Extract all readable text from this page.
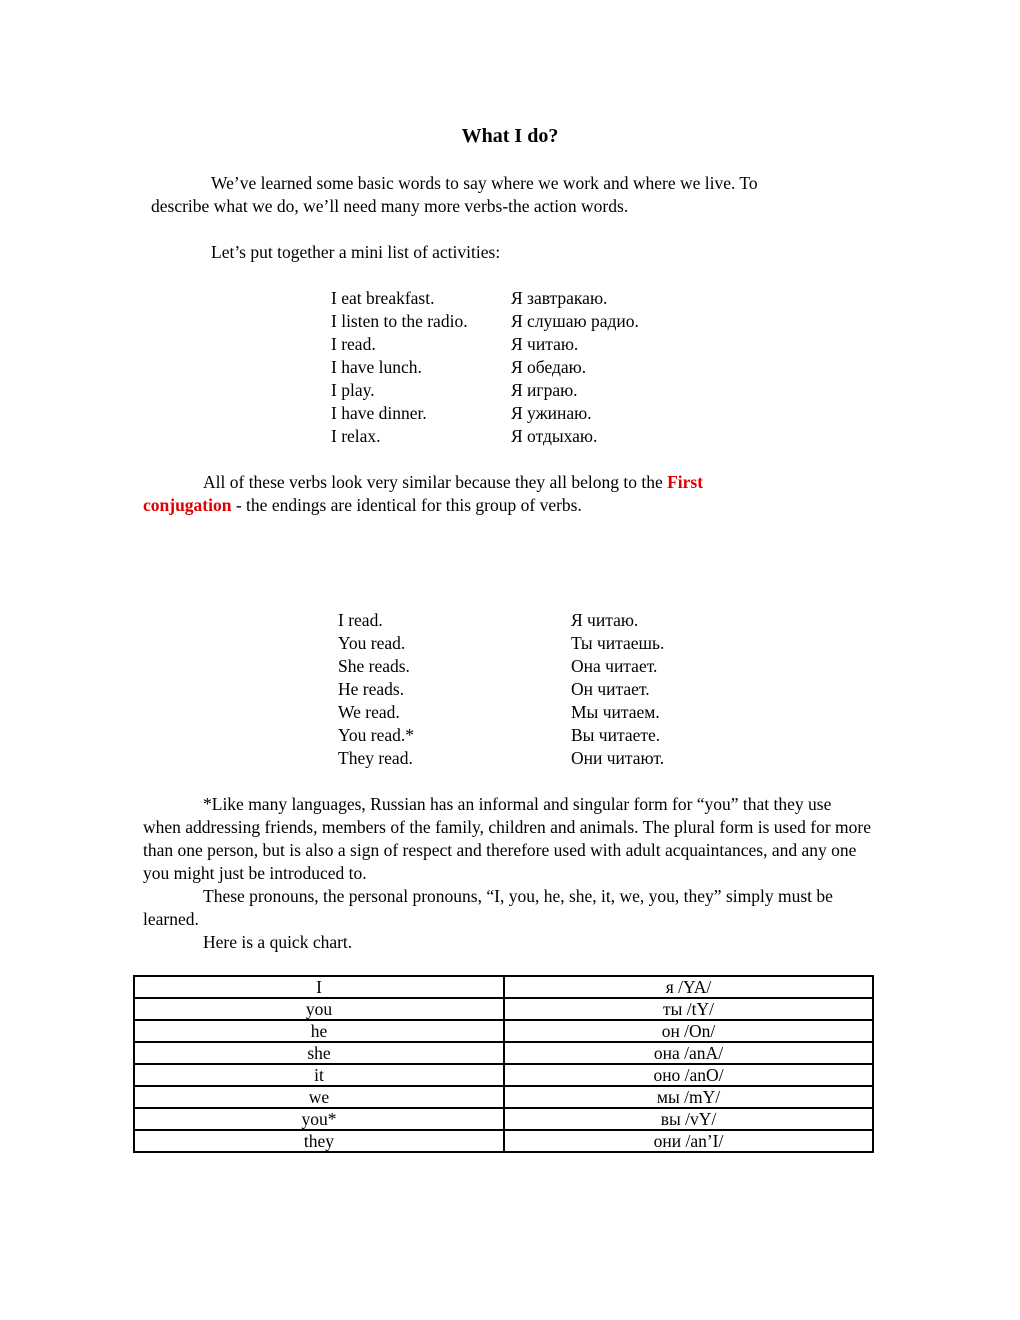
What I do?
We’ve learned some basic words to say where we work and where we live. To
describe what we do, we’ll need many more verbs-the action words.
Let’s put together a mini list of activities:
I eat breakfast.	Я завтракаю.
I listen to the radio.	Я слушаю радио.
I read.	Я читаю.
I have lunch.	Я обедаю.
I play.	Я играю.
I have dinner.	Я ужинаю.
I relax.	Я отдыхаю.
All of these verbs look very similar because they all belong to the First
conjugation - the endings are identical for this group of verbs.
I read.	Я читаю.
You read.	Ты читаешь.
She reads.	Она читает.
He reads.	Он читает.
We read.	Мы читаем.
You read.*	Вы читаете.
They read.	Они читают.
*Like many languages, Russian has an informal and singular form for “you” that they use when addressing friends, members of the family, children and animals. The plural form is used for more than one person, but is also a sign of respect and therefore used with adult acquaintances, and any one you might just be introduced to.
These pronouns, the personal pronouns, “I, you, he, she, it, we, you, they” simply must be learned.
Here is a quick chart.
I	я /YA/
you	ты /tY/
he	он /On/
she	она /anA/
it	оно /anO/
we	мы /mY/
you*	вы /vY/
they	они /an’I/
